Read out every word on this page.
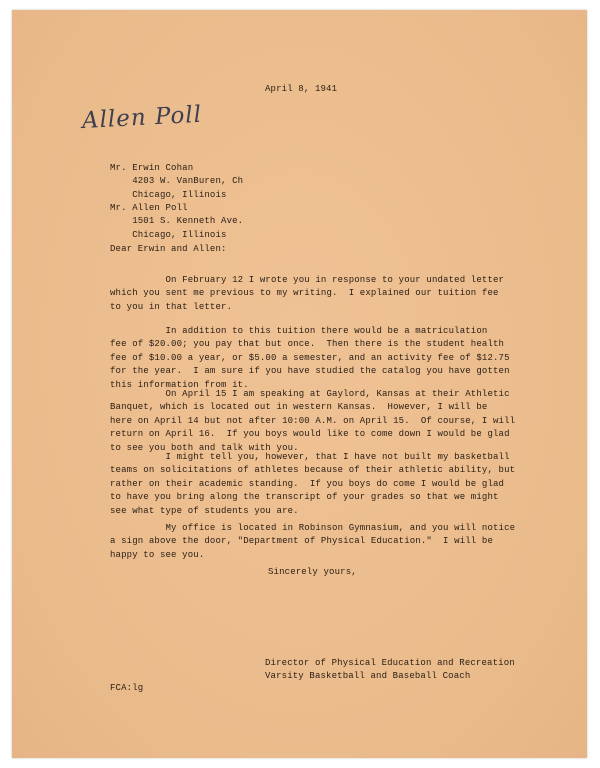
April 8, 1941
Allen Poll
Mr. Erwin Cohan
4203 W. VanBuren, Ch
Chicago, Illinois
Mr. Allen Poll
1501 S. Kenneth Ave.
Chicago, Illinois
Dear Erwin and Allen:
On February 12 I wrote you in response to your undated letter
which you sent me previous to my writing.  I explained our tuition fee
to you in that letter.
In addition to this tuition there would be a matriculation
fee of $20.00; you pay that but once.  Then there is the student health
fee of $10.00 a year, or $5.00 a semester, and an activity fee of $12.75
for the year.  I am sure if you have studied the catalog you have gotten
this information from it.
On April 15 I am speaking at Gaylord, Kansas at their Athletic
Banquet, which is located out in western Kansas.  However, I will be
here on April 14 but not after 10:00 A.M. on April 15.  Of course, I will
return on April 16.  If you boys would like to come down I would be glad
to see you both and talk with you.
I might tell you, however, that I have not built my basketball
teams on solicitations of athletes because of their athletic ability, but
rather on their academic standing.  If you boys do come I would be glad
to have you bring along the transcript of your grades so that we might
see what type of students you are.
My office is located in Robinson Gymnasium, and you will notice
a sign above the door, "Department of Physical Education."  I will be
happy to see you.
Sincerely yours,
Director of Physical Education and Recreation
Varsity Basketball and Baseball Coach
FCA:lg
